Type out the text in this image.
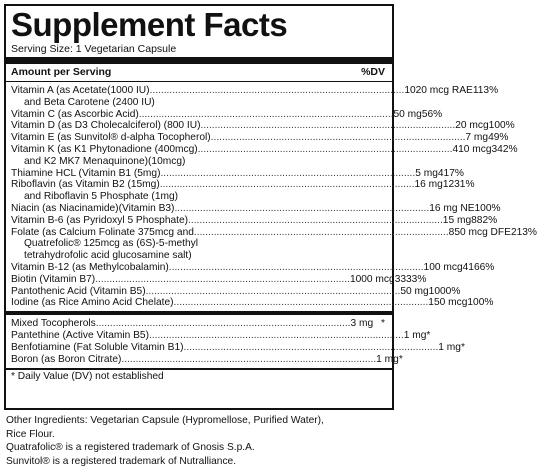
Supplement Facts
Serving Size: 1 Vegetarian Capsule
Amount per Serving	%DV
Vitamin A (as Acetate(1000 IU).......................................................................................... 1020 mcg RAE 113%
and Beta Carotene (2400 IU)
Vitamin C (as Ascorbic Acid).......................................................................................... 50 mg 56%
Vitamin D (as D3 Cholecalciferol) (800 IU).......................................................................................... 20 mcg 100%
Vitamin E (as Sunvitol® d-alpha Tocopherol).......................................................................................... 7 mg 49%
Vitamin K (as K1 Phytonadione (400mcg).......................................................................................... 410 mcg 342%
and K2 MK7 Menaquinone)(10mcg)
Thiamine HCL (Vitamin B1 (5mg).......................................................................................... 5 mg 417%
Riboflavin (as Vitamin B2 (15mg).......................................................................................... 16 mg 1231%
and Riboflavin 5 Phosphate (1mg)
Niacin (as Niacinamide)(Vitamin B3).......................................................................................... 16 mg NE 100%
Vitamin B-6 (as Pyridoxyl 5 Phosphate).......................................................................................... 15 mg 882%
Folate (as Calcium Folinate 375mcg and.......................................................................................... 850 mcg DFE 213%
Quatrefolic® 125mcg as (6S)-5-methyl
tetrahydrofolic acid glucosamine salt)
Vitamin B-12 (as Methylcobalamin).......................................................................................... 100 mcg 4166%
Biotin (Vitamin B7).......................................................................................... 1000 mcg 3333%
Pantothenic Acid (Vitamin B5).......................................................................................... 50 mg 1000%
Iodine (as Rice Amino Acid Chelate).......................................................................................... 150 mcg 100%
Mixed Tocopherols.......................................................................................... 3 mg *
Pantethine (Active Vitamin B5).......................................................................................... 1 mg *
Benfotiamine (Fat Soluble Vitamin B1).......................................................................................... 1 mg *
Boron (as Boron Citrate).......................................................................................... 1 mg *
* Daily Value (DV) not established
Other Ingredients: Vegetarian Capsule (Hypromellose, Purified Water),
Rice Flour.
Quatrafolic® is a registered trademark of Gnosis S.p.A.
Sunvitol® is a registered trademark of Nutralliance.
